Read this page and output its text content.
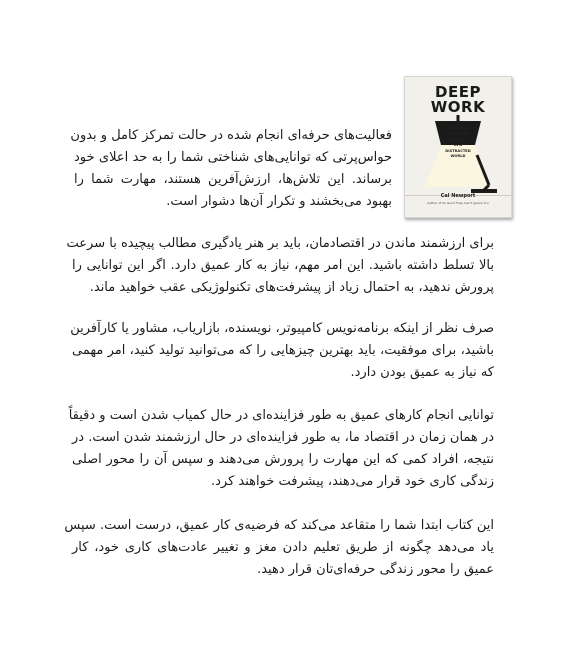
DEEP
WORK
RULES FOR
FOCUSED
SUCCESS
IN A
DISTRACTED
WORLD
Cal Newport
Author of So Good They Can't Ignore You
فعالیت‌های حرفه‌ای انجام شده در حالت تمرکز کامل و بدون
حواس‌پرتی که توانایی‌های شناختی شما را به حد اعلای خود
برساند. این تلاش‌ها، ارزش‌آفرین هستند، مهارت شما را
بهبود می‌بخشند و تکرار آن‌ها دشوار است.
برای ارزشمند ماندن در اقتصادمان، باید بر هنر یادگیری مطالب پیچیده با سرعت
بالا تسلط داشته باشید. این امر مهم، نیاز به کار عمیق دارد. اگر این توانایی را
پرورش ندهید، به احتمال زیاد از پیشرفت‌های تکنولوژیکی عقب خواهید ماند.
صرف نظر از اینکه برنامه‌نویس کامپیوتر، نویسنده، بازاریاب، مشاور یا کارآفرین
باشید، برای موفقیت، باید بهترین چیزهایی را که می‌توانید تولید کنید، امر مهمی
که نیاز به عمیق بودن دارد.
توانایی انجام کارهای عمیق به طور فزاینده‌ای در حال کمیاب شدن است و دقیقاً
در همان زمان در اقتصاد ما، به طور فزاینده‌ای در حال ارزشمند شدن است. در
نتیجه، افراد کمی که این مهارت را پرورش می‌دهند و سپس آن را محور اصلی
زندگی کاری خود قرار می‌دهند، پیشرفت خواهند کرد.
این کتاب ابتدا شما را متقاعد می‌کند که فرضیه‌ی کار عمیق، درست است. سپس
یاد می‌دهد چگونه از طریق تعلیم دادن مغز و تغییر عادت‌های کاری خود، کار
عمیق را محور زندگی حرفه‌ای‌تان قرار دهید.
